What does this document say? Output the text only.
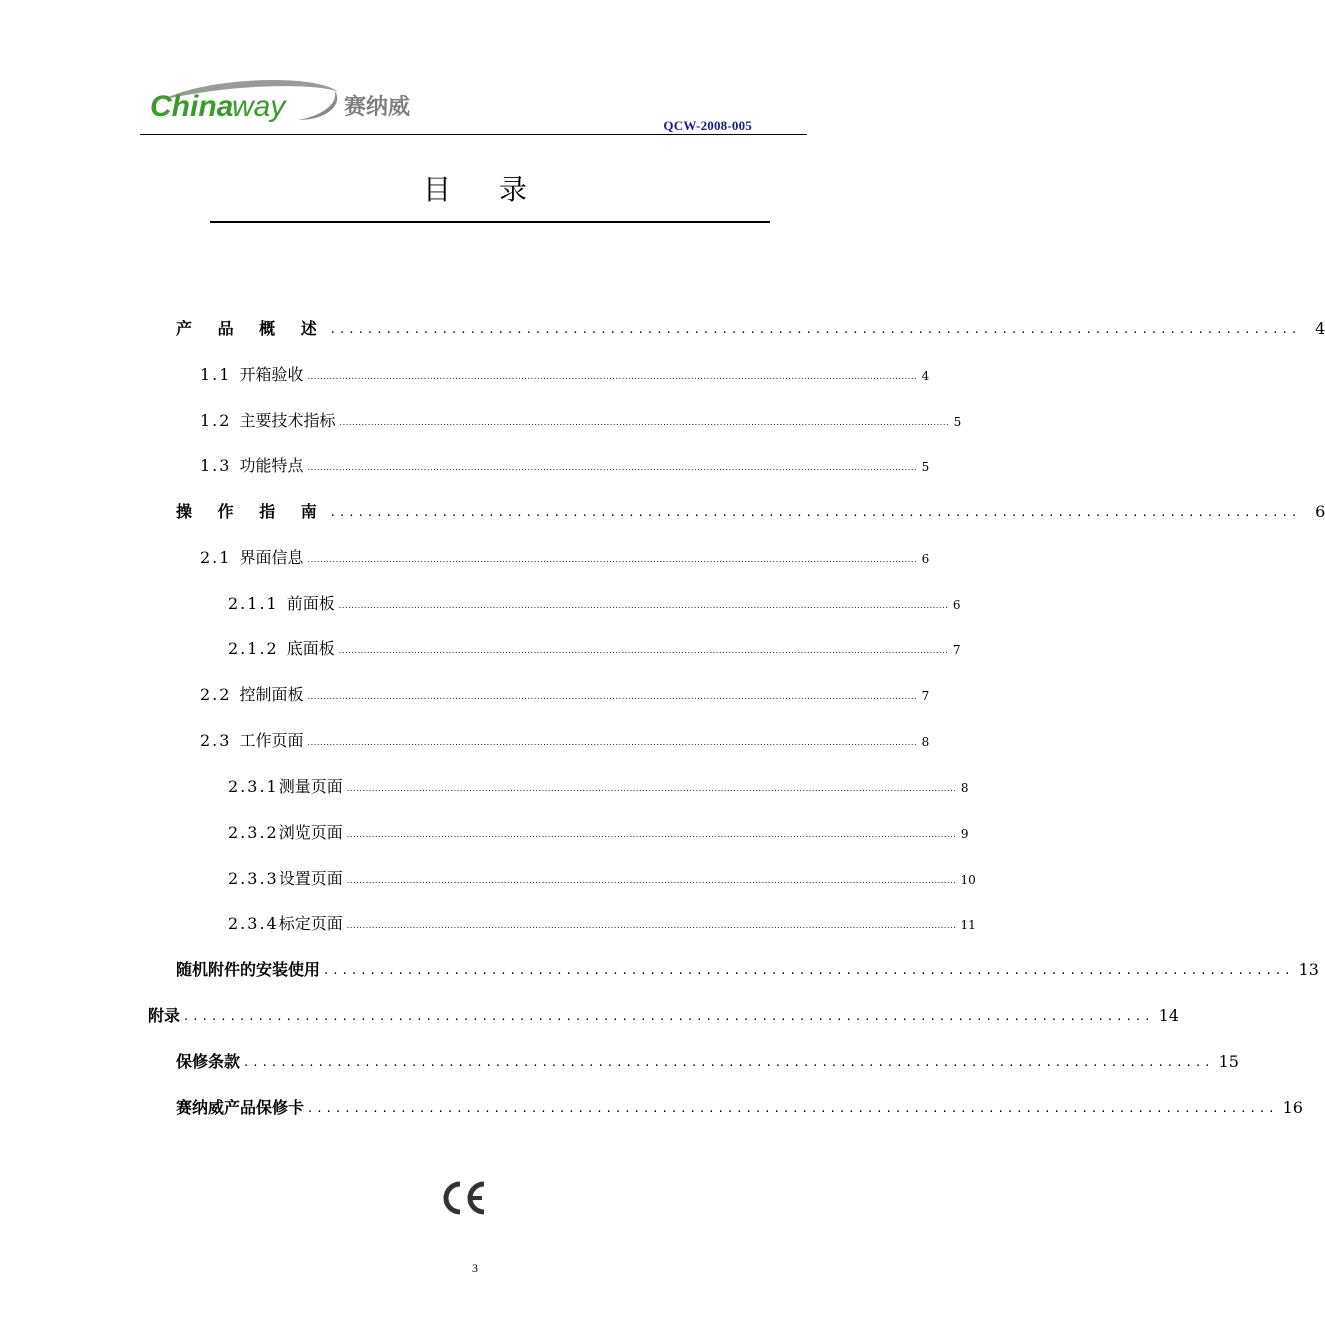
China
way	赛纳威
QCW-2008-005
目录
产 品 概 述 ........................................................................................................ 4
1.1 开箱验收 .................................................................................................................................................................................................. 4
1.2 主要技术指标 .................................................................................................................................................................................................. 5
1.3 功能特点 .................................................................................................................................................................................................. 5
操 作 指 南 ........................................................................................................ 6
2.1 界面信息 .................................................................................................................................................................................................. 6
2.1.1 前面板 .................................................................................................................................................................................................. 6
2.1.2 底面板 .................................................................................................................................................................................................. 7
2.2 控制面板 .................................................................................................................................................................................................. 7
2.3 工作页面 .................................................................................................................................................................................................. 8
2.3.1测量页面 .................................................................................................................................................................................................. 8
2.3.2浏览页面 .................................................................................................................................................................................................. 9
2.3.3设置页面 .................................................................................................................................................................................................. 10
2.3.4标定页面 .................................................................................................................................................................................................. 11
随机附件的安装使用 ........................................................................................................ 13
附录 ........................................................................................................ 14
保修条款 ........................................................................................................ 15
赛纳威产品保修卡 ........................................................................................................ 16
3
